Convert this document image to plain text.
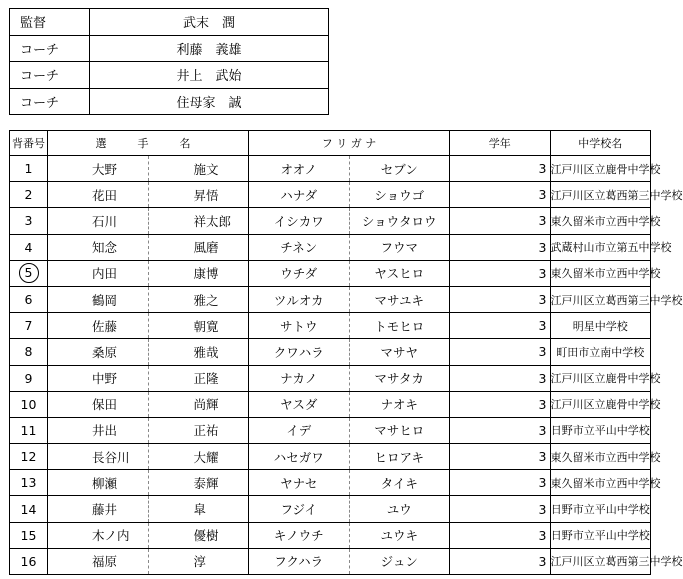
監督	武末　潤
コーチ	利藤　義雄
コーチ	井上　武始
コーチ	住母家　誠
背番号	選　手　名		フ リ ガ ナ		学年	中学校名
1	大野	施文	オオノ	セブン	3	江戸川区立鹿骨中学校
2	花田	昇悟	ハナダ	ショウゴ	3	江戸川区立葛西第三中学校
3	石川	祥太郎	イシカワ	ショウタロウ	3	東久留米市立西中学校
4	知念	風磨	チネン	フウマ	3	武蔵村山市立第五中学校
5	内田	康博	ウチダ	ヤスヒロ	3	東久留米市立西中学校
6	鶴岡	雅之	ツルオカ	マサユキ	3	江戸川区立葛西第三中学校
7	佐藤	朝寛	サトウ	トモヒロ	3	明星中学校
8	桑原	雅哉	クワハラ	マサヤ	3	町田市立南中学校
9	中野	正隆	ナカノ	マサタカ	3	江戸川区立鹿骨中学校
10	保田	尚輝	ヤスダ	ナオキ	3	江戸川区立鹿骨中学校
11	井出	正祐	イデ	マサヒロ	3	日野市立平山中学校
12	長谷川	大耀	ハセガワ	ヒロアキ	3	東久留米市立西中学校
13	柳瀬	泰輝	ヤナセ	タイキ	3	東久留米市立西中学校
14	藤井	皐	フジイ	ユウ	3	日野市立平山中学校
15	木ノ内	優樹	キノウチ	ユウキ	3	日野市立平山中学校
16	福原	淳	フクハラ	ジュン	3	江戸川区立葛西第三中学校
